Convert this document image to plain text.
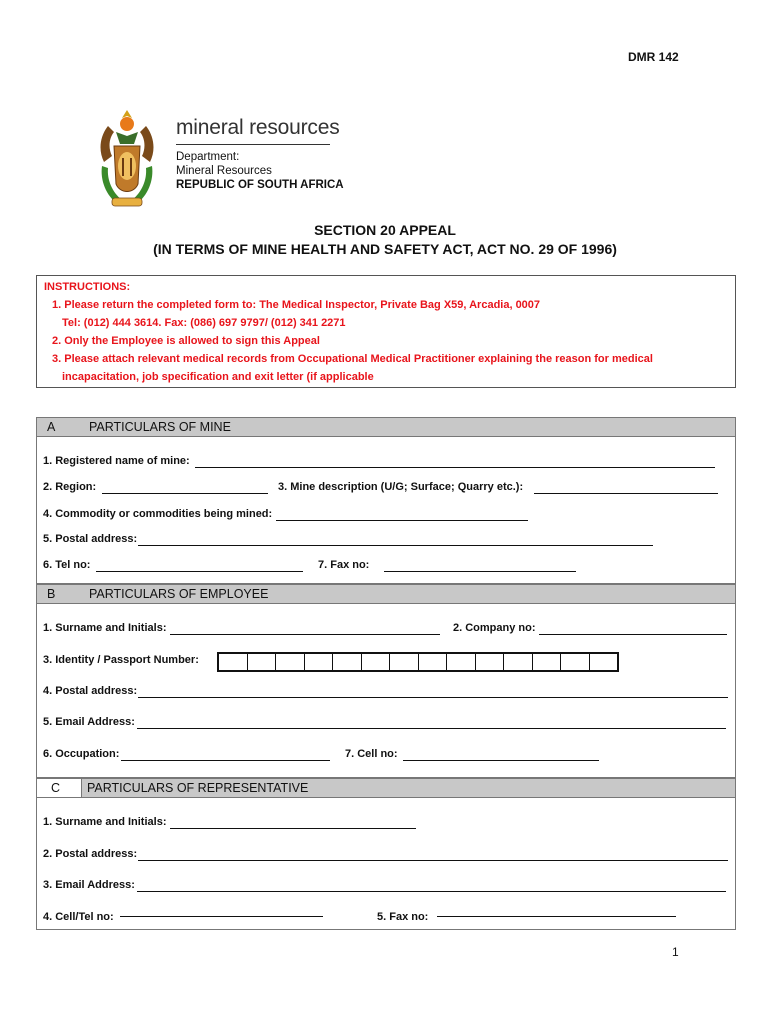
DMR 142
mineral resources
Department:
Mineral Resources
REPUBLIC OF SOUTH AFRICA
SECTION 20 APPEAL
(IN TERMS OF MINE HEALTH AND SAFETY ACT, ACT NO. 29 OF 1996)
INSTRUCTIONS:
1. Please return the completed form to: The Medical Inspector, Private Bag X59, Arcadia, 0007
Tel: (012) 444 3614. Fax: (086) 697 9797/ (012) 341 2271
2. Only the Employee is allowed to sign this Appeal
3. Please attach relevant medical records from Occupational Medical Practitioner explaining the reason for medical
incapacitation, job specification and exit letter (if applicable
A	PARTICULARS OF MINE
1. Registered name of mine:
2. Region:	3. Mine description (U/G; Surface; Quarry etc.):
4. Commodity or commodities being mined:
5. Postal address:
6. Tel no:	7. Fax no:
B	PARTICULARS OF EMPLOYEE
1. Surname and Initials:	2. Company no:
3. Identity / Passport Number:
4. Postal address:
5. Email Address:
6. Occupation:	7. Cell no:
C PARTICULARS OF REPRESENTATIVE
1. Surname and Initials:
2. Postal address:
3. Email Address:
4. Cell/Tel no:	5. Fax no:
1
